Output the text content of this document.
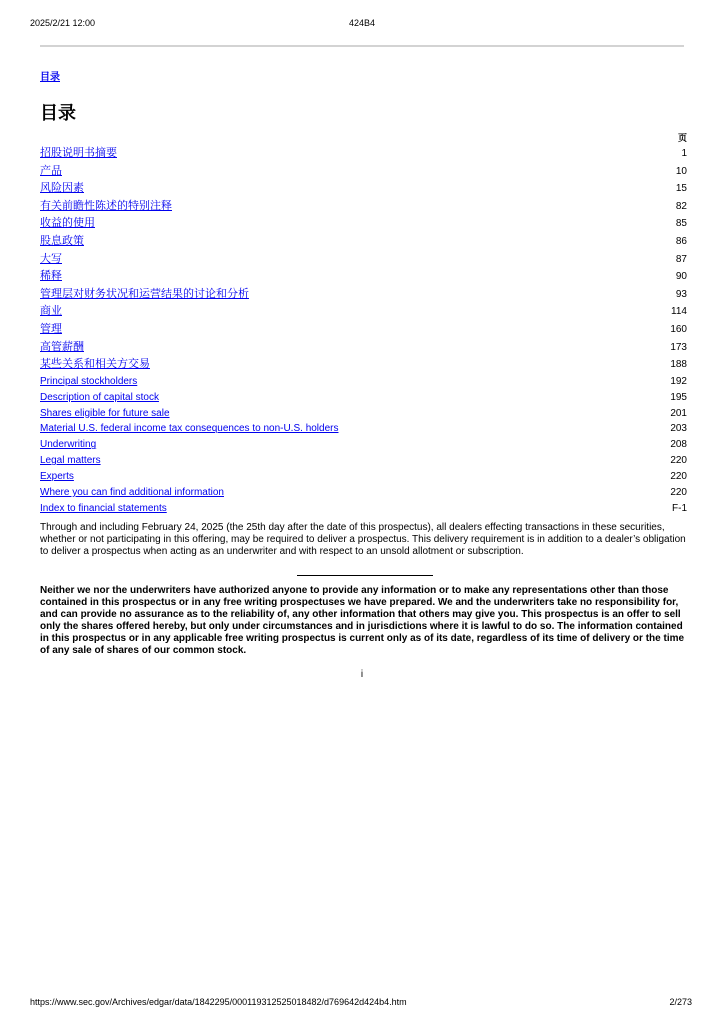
2025/2/21 12:00	424B4
目录
目录
页
招股说明书摘要	1
产品	10
风险因素	15
有关前瞻性陈述的特别注释	82
收益的使用	85
股息政策	86
大写	87
稀释	90
管理层对财务状况和运营结果的讨论和分析	93
商业	114
管理	160
高管薪酬	173
某些关系和相关方交易	188
Principal stockholders	192
Description of capital stock	195
Shares eligible for future sale	201
Material U.S. federal income tax consequences to non-U.S. holders	203
Underwriting	208
Legal matters	220
Experts	220
Where you can find additional information	220
Index to financial statements	F-1

Through and including February 24, 2025 (the 25th day after the date of this prospectus), all dealers effecting transactions in these securities, whether or not participating in this offering, may be required to deliver a prospectus. This delivery requirement is in addition to a dealer’s obligation to deliver a prospectus when acting as an underwriter and with respect to an unsold allotment or subscription.

Neither we nor the underwriters have authorized anyone to provide any information or to make any representations other than those contained in this prospectus or in any free writing prospectuses we have prepared. We and the underwriters take no responsibility for, and can provide no assurance as to the reliability of, any other information that others may give you. This prospectus is an offer to sell only the shares offered hereby, but only under circumstances and in jurisdictions where it is lawful to do so. The information contained in this prospectus or in any applicable free writing prospectus is current only as of its date, regardless of its time of delivery or the time of any sale of shares of our common stock.

i
https://www.sec.gov/Archives/edgar/data/1842295/000119312525018482/d769642d424b4.htm	2/273
